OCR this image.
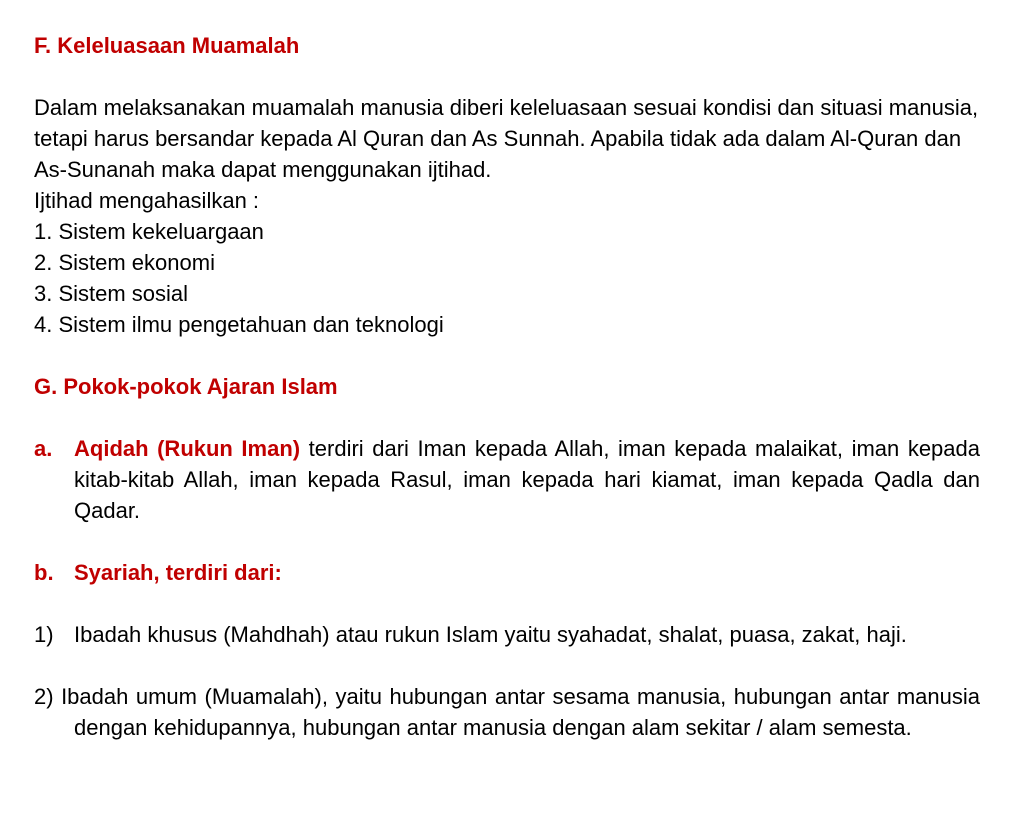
F. Keleluasaan Muamalah

Dalam melaksanakan muamalah manusia diberi keleluasaan sesuai kondisi dan situasi manusia, tetapi harus bersandar kepada Al Quran dan As Sunnah. Apabila tidak ada dalam Al-Quran dan As-Sunanah maka dapat menggunakan ijtihad.

Ijtihad mengahasilkan :

1. Sistem kekeluargaan

2. Sistem ekonomi

3. Sistem sosial

4. Sistem ilmu pengetahuan dan teknologi

G. Pokok-pokok Ajaran Islam

a. Aqidah (Rukun Iman) terdiri dari Iman kepada Allah, iman kepada malaikat, iman kepada kitab-kitab Allah, iman kepada Rasul, iman kepada hari kiamat, iman kepada Qadla dan Qadar.
b. Syariah, terdiri dari:
1) Ibadah khusus (Mahdhah) atau rukun Islam yaitu syahadat, shalat, puasa, zakat, haji.

2) Ibadah umum (Muamalah), yaitu hubungan antar sesama manusia, hubungan antar manusia dengan kehidupannya, hubungan antar manusia dengan alam sekitar / alam semesta.
